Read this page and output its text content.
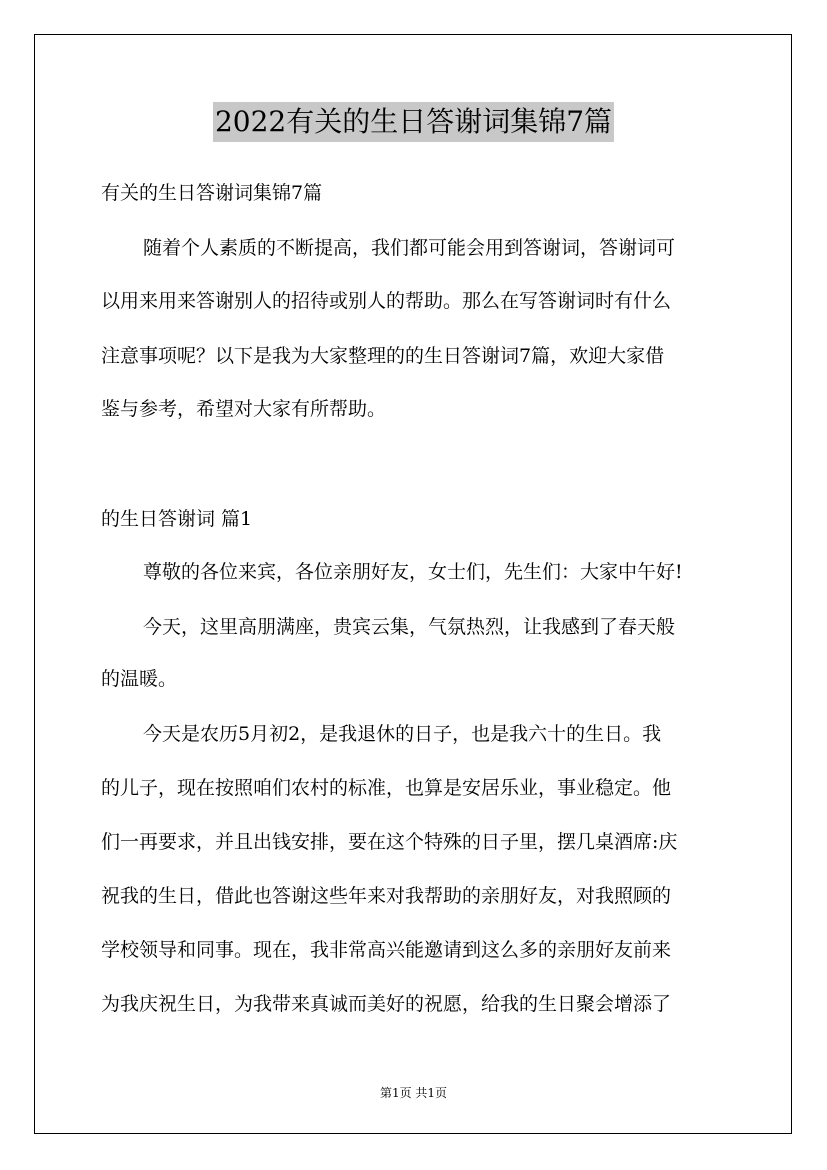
2022有关的生日答谢词集锦7篇
有关的生日答谢词集锦7篇
随着个人素质的不断提高，我们都可能会用到答谢词，答谢词可
以用来用来答谢别人的招待或别人的帮助。那么在写答谢词时有什么
注意事项呢？以下是我为大家整理的的生日答谢词7篇，欢迎大家借
鉴与参考，希望对大家有所帮助。
的生日答谢词 篇1
尊敬的各位来宾，各位亲朋好友，女士们，先生们：大家中午好!
今天，这里高朋满座，贵宾云集，气氛热烈，让我感到了春天般
的温暖。
今天是农历5月初2，是我退休的日子，也是我六十的生日。我
的儿子，现在按照咱们农村的标准，也算是安居乐业，事业稳定。他
们一再要求，并且出钱安排，要在这个特殊的日子里，摆几桌酒席:庆
祝我的生日，借此也答谢这些年来对我帮助的亲朋好友，对我照顾的
学校领导和同事。现在，我非常高兴能邀请到这么多的亲朋好友前来
为我庆祝生日，为我带来真诚而美好的祝愿，给我的生日聚会增添了
第1页 共1页
